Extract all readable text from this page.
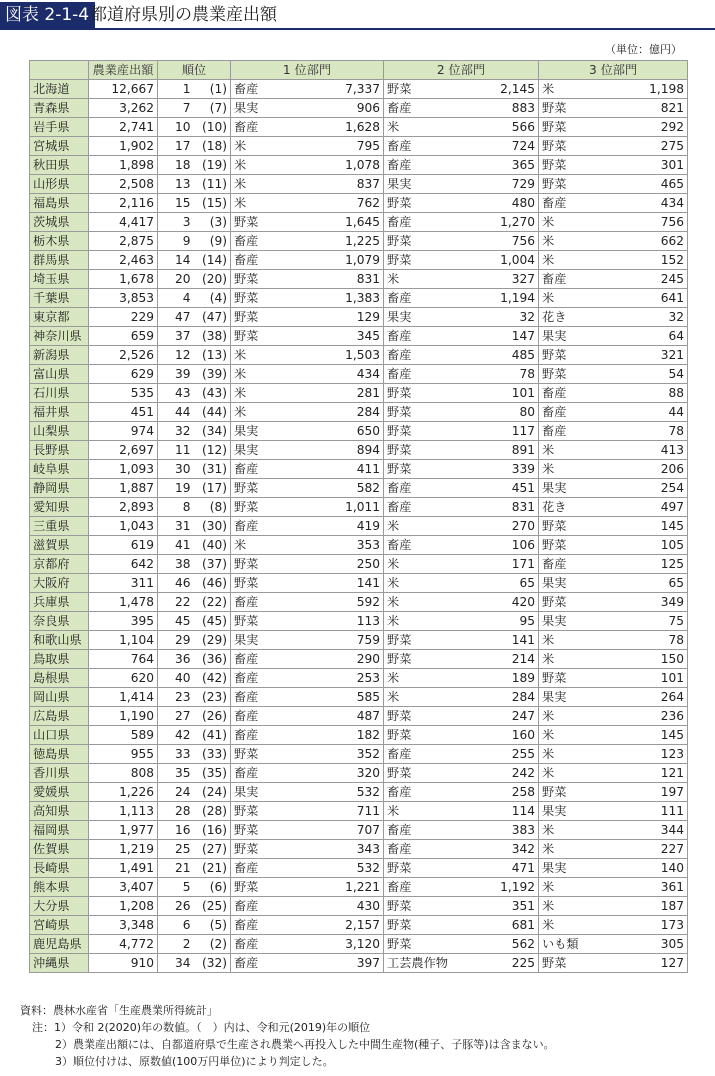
図表 2-1-4 都道府県別の農業産出額
（単位：億円）
	農業産出額	順位		1 位部門		2 位部門		3 位部門	
北海道	12,667	1	(1)	畜産	7,337	野菜	2,145	米	1,198
青森県	3,262	7	(7)	果実	906	畜産	883	野菜	821
岩手県	2,741	10	(10)	畜産	1,628	米	566	野菜	292
宮城県	1,902	17	(18)	米	795	畜産	724	野菜	275
秋田県	1,898	18	(19)	米	1,078	畜産	365	野菜	301
山形県	2,508	13	(11)	米	837	果実	729	野菜	465
福島県	2,116	15	(15)	米	762	野菜	480	畜産	434
茨城県	4,417	3	(3)	野菜	1,645	畜産	1,270	米	756
栃木県	2,875	9	(9)	畜産	1,225	野菜	756	米	662
群馬県	2,463	14	(14)	畜産	1,079	野菜	1,004	米	152
埼玉県	1,678	20	(20)	野菜	831	米	327	畜産	245
千葉県	3,853	4	(4)	野菜	1,383	畜産	1,194	米	641
東京都	229	47	(47)	野菜	129	果実	32	花き	32
神奈川県	659	37	(38)	野菜	345	畜産	147	果実	64
新潟県	2,526	12	(13)	米	1,503	畜産	485	野菜	321
富山県	629	39	(39)	米	434	畜産	78	野菜	54
石川県	535	43	(43)	米	281	野菜	101	畜産	88
福井県	451	44	(44)	米	284	野菜	80	畜産	44
山梨県	974	32	(34)	果実	650	野菜	117	畜産	78
長野県	2,697	11	(12)	果実	894	野菜	891	米	413
岐阜県	1,093	30	(31)	畜産	411	野菜	339	米	206
静岡県	1,887	19	(17)	野菜	582	畜産	451	果実	254
愛知県	2,893	8	(8)	野菜	1,011	畜産	831	花き	497
三重県	1,043	31	(30)	畜産	419	米	270	野菜	145
滋賀県	619	41	(40)	米	353	畜産	106	野菜	105
京都府	642	38	(37)	野菜	250	米	171	畜産	125
大阪府	311	46	(46)	野菜	141	米	65	果実	65
兵庫県	1,478	22	(22)	畜産	592	米	420	野菜	349
奈良県	395	45	(45)	野菜	113	米	95	果実	75
和歌山県	1,104	29	(29)	果実	759	野菜	141	米	78
鳥取県	764	36	(36)	畜産	290	野菜	214	米	150
島根県	620	40	(42)	畜産	253	米	189	野菜	101
岡山県	1,414	23	(23)	畜産	585	米	284	果実	264
広島県	1,190	27	(26)	畜産	487	野菜	247	米	236
山口県	589	42	(41)	畜産	182	野菜	160	米	145
徳島県	955	33	(33)	野菜	352	畜産	255	米	123
香川県	808	35	(35)	畜産	320	野菜	242	米	121
愛媛県	1,226	24	(24)	果実	532	畜産	258	野菜	197
高知県	1,113	28	(28)	野菜	711	米	114	果実	111
福岡県	1,977	16	(16)	野菜	707	畜産	383	米	344
佐賀県	1,219	25	(27)	野菜	343	畜産	342	米	227
長崎県	1,491	21	(21)	畜産	532	野菜	471	果実	140
熊本県	3,407	5	(6)	野菜	1,221	畜産	1,192	米	361
大分県	1,208	26	(25)	畜産	430	野菜	351	米	187
宮崎県	3,348	6	(5)	畜産	2,157	野菜	681	米	173
鹿児島県	4,772	2	(2)	畜産	3,120	野菜	562	いも類	305
沖縄県	910	34	(32)	畜産	397	工芸農作物	225	野菜	127
資料：農林水産省「生産農業所得統計」
注：1）令和 2(2020)年の数値。（　）内は、令和元(2019)年の順位
2）農業産出額には、自都道府県で生産され農業へ再投入した中間生産物(種子、子豚等)は含まない。
3）順位付けは、原数値(100万円単位)により判定した。
